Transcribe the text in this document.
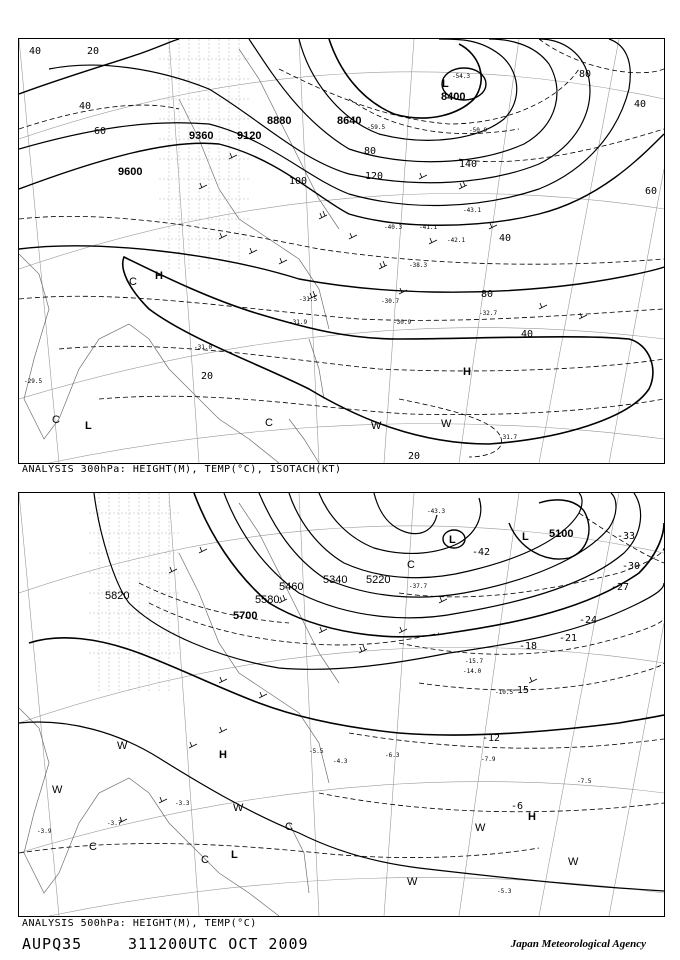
9600
9360 9120
8880	8640
8400
20
20
20
40
40
40
40
40
60
60
80
80
80
100	120
140
-31.9
-31.5
-32.7
-30.7
-30.9
-38.3
-40.3	-41.1
-42.1
-43.1
-50.9
-59.5
-54.3
-31.7
-29.5
-31.0
H
H
L
L
C
C	C	W	W
ANALYSIS 300hPa: HEIGHT(M), TEMP(°C), ISOTACH(KT)
5820
5700
5580
5460
5340 5220
5100
-6
-12
-15
-18
-21
-24
-27
-30
-33
-42
-5.3
-7.5
-7.9
-6.3
-5.5
-4.3
-3.7
-3.9
-3.3
-14.0
-15.7
-10.5
-43.3
-37.7
H
H
L	L
L
C
C
C
C
W
W
W
W
W
W
ANALYSIS 500hPa: HEIGHT(M), TEMP(°C)
AUPQ35	311200UTC OCT 2009	Japan Meteorological Agency
